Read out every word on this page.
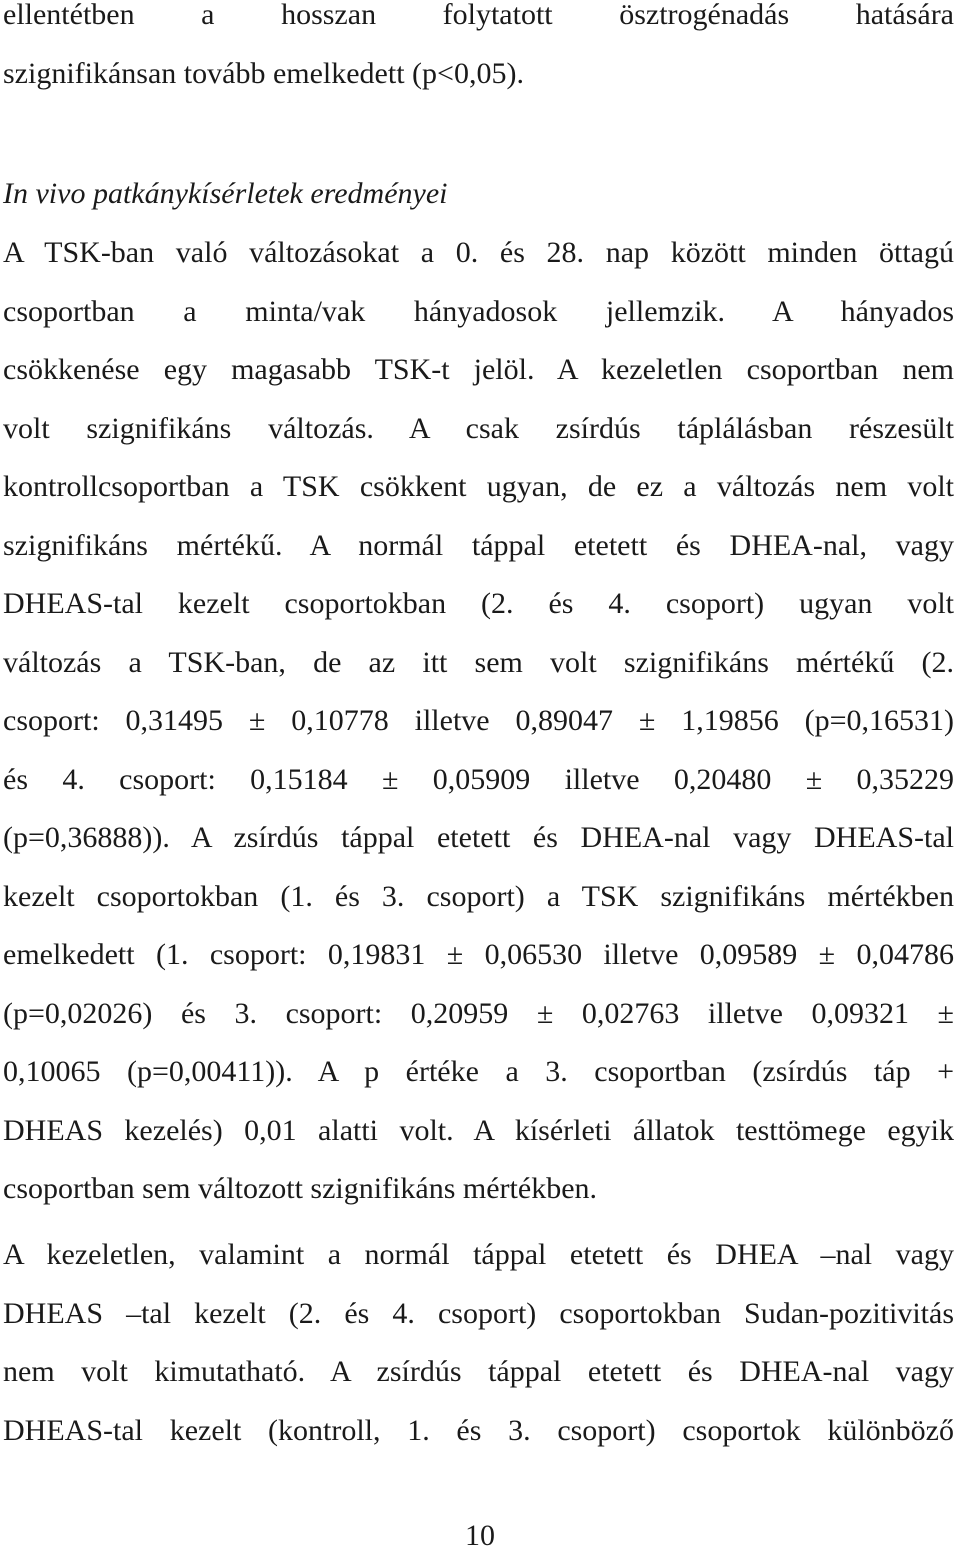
ellentétben a hosszan folytatott ösztrogénadás hatására
szignifikánsan tovább emelkedett (p<0,05).
In vivo patkánykísérletek eredményei
A TSK-ban való változásokat a 0. és 28. nap között minden öttagú
csoportban a minta/vak hányadosok jellemzik. A hányados
csökkenése egy magasabb TSK-t jelöl. A kezeletlen csoportban nem
volt szignifikáns változás. A csak zsírdús táplálásban részesült
kontrollcsoportban a TSK csökkent ugyan, de ez a változás nem volt
szignifikáns mértékű. A normál táppal etetett és DHEA-nal, vagy
DHEAS-tal kezelt csoportokban (2. és 4. csoport) ugyan volt
változás a TSK-ban, de az itt sem volt szignifikáns mértékű (2.
csoport: 0,31495 ± 0,10778 illetve 0,89047 ± 1,19856 (p=0,16531)
és 4. csoport: 0,15184 ± 0,05909 illetve 0,20480 ± 0,35229
(p=0,36888)). A zsírdús táppal etetett és DHEA-nal vagy DHEAS-tal
kezelt csoportokban (1. és 3. csoport) a TSK szignifikáns mértékben
emelkedett (1. csoport: 0,19831 ± 0,06530 illetve 0,09589 ± 0,04786
(p=0,02026) és 3. csoport: 0,20959 ± 0,02763 illetve 0,09321 ±
0,10065 (p=0,00411)). A p értéke a 3. csoportban (zsírdús táp +
DHEAS kezelés) 0,01 alatti volt. A kísérleti állatok testtömege egyik
csoportban sem változott szignifikáns mértékben.
A kezeletlen, valamint a normál táppal etetett és DHEA –nal vagy
DHEAS –tal kezelt (2. és 4. csoport) csoportokban Sudan-pozitivitás
nem volt kimutatható. A zsírdús táppal etetett és DHEA-nal vagy
DHEAS-tal kezelt (kontroll, 1. és 3. csoport) csoportok különböző
10
